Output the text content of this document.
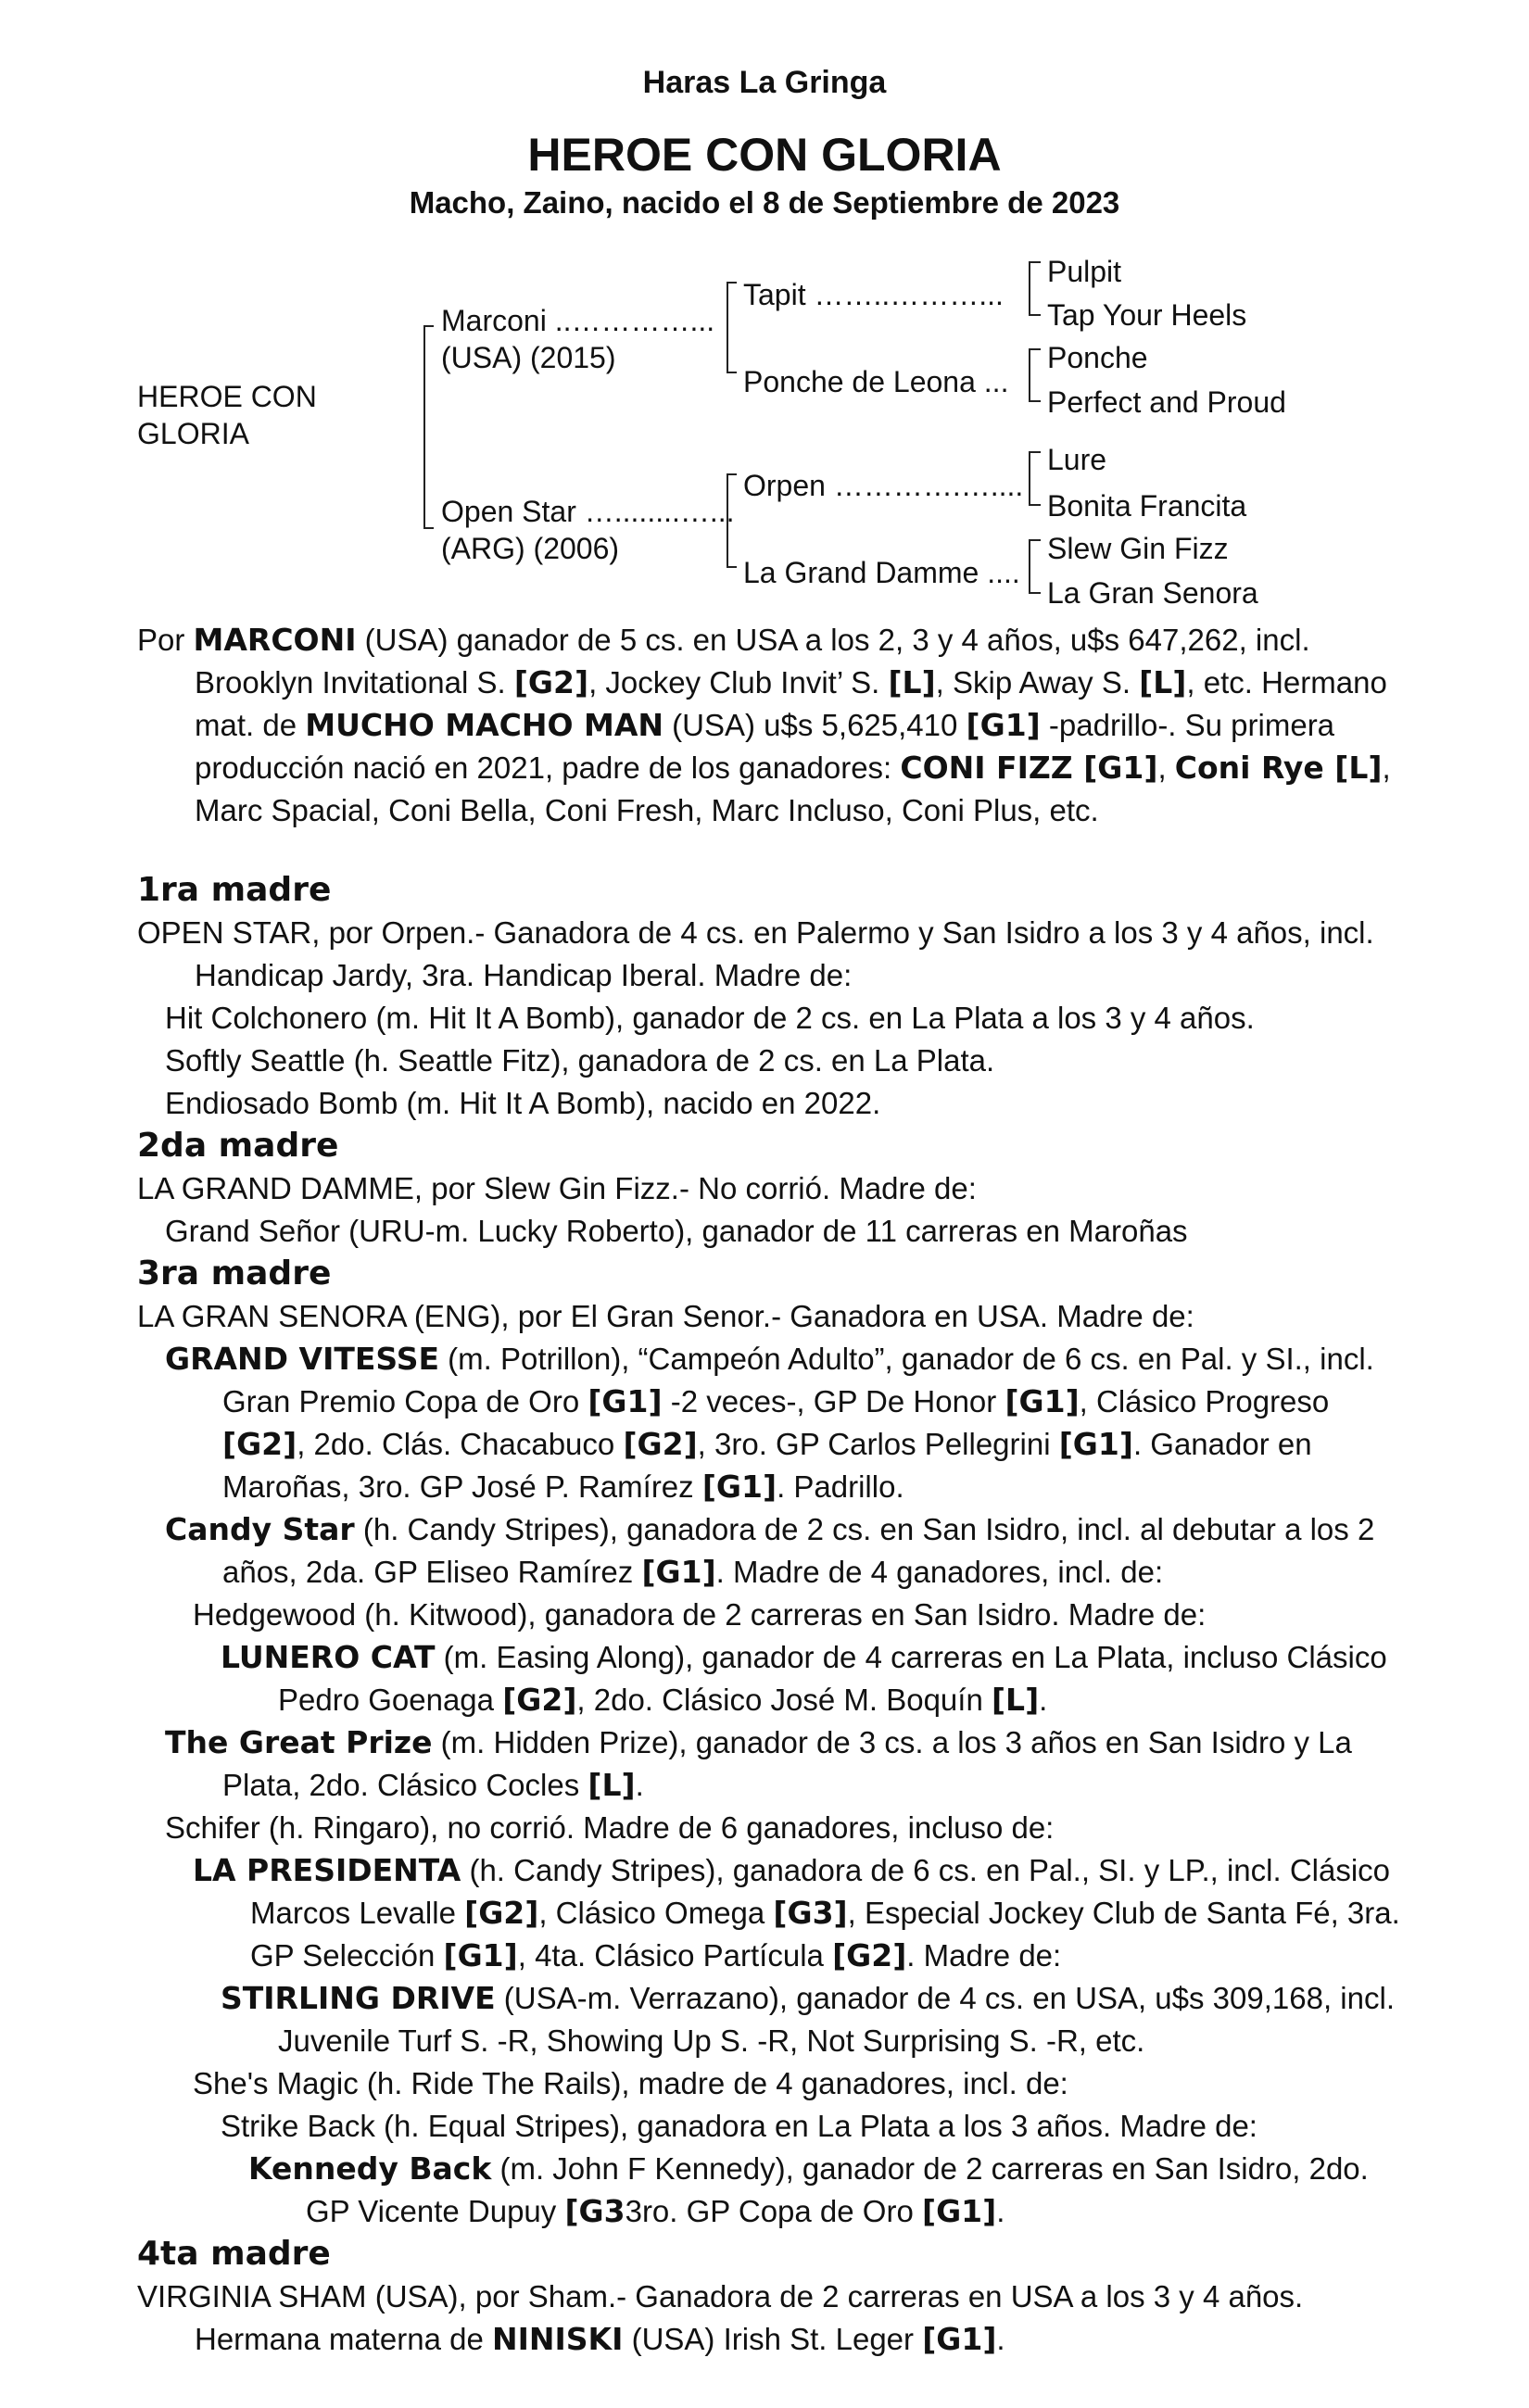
Haras La Gringa
HEROE CON GLORIA
Macho, Zaino, nacido el 8 de Septiembre de 2023
HEROE CON
GLORIA
Marconi ..…………...
(USA) (2015)
Open Star …........…...
(ARG) (2006)
Tapit ……..………...
Ponche de Leona ...
Orpen ………….…....
La Grand Damme ....
Pulpit
Tap Your Heels
Ponche
Perfect and Proud
Lure
Bonita Francita
Slew Gin Fizz
La Gran Senora

Por MARCONI (USA) ganador de 5 cs. en USA a los 2, 3 y 4 años, u$s 647,262, incl. Brooklyn Invitational S. [G2], Jockey Club Invit’ S. [L], Skip Away S. [L], etc. Hermano mat. de MUCHO MACHO MAN (USA) u$s 5,625,410 [G1] -padrillo-. Su primera producción nació en 2021, padre de los ganadores: CONI FIZZ [G1], Coni Rye [L], Marc Spacial, Coni Bella, Coni Fresh, Marc Incluso, Coni Plus, etc.

1ra madre

OPEN STAR, por Orpen.- Ganadora de 4 cs. en Palermo y San Isidro a los 3 y 4 años, incl. Handicap Jardy, 3ra. Handicap Iberal. Madre de:

Hit Colchonero (m. Hit It A Bomb), ganador de 2 cs. en La Plata a los 3 y 4 años.

Softly Seattle (h. Seattle Fitz), ganadora de 2 cs. en La Plata.

Endiosado Bomb (m. Hit It A Bomb), nacido en 2022.

2da madre

LA GRAND DAMME, por Slew Gin Fizz.- No corrió. Madre de:

Grand Señor (URU-m. Lucky Roberto), ganador de 11 carreras en Maroñas

3ra madre

LA GRAN SENORA (ENG), por El Gran Senor.- Ganadora en USA. Madre de:

GRAND VITESSE (m. Potrillon), “Campeón Adulto”, ganador de 6 cs. en Pal. y SI., incl. Gran Premio Copa de Oro [G1] -2 veces-, GP De Honor [G1], Clásico Progreso [G2], 2do. Clás. Chacabuco [G2], 3ro. GP Carlos Pellegrini [G1]. Ganador en Maroñas, 3ro. GP José P. Ramírez [G1]. Padrillo.

Candy Star (h. Candy Stripes), ganadora de 2 cs. en San Isidro, incl. al debutar a los 2 años, 2da. GP Eliseo Ramírez [G1]. Madre de 4 ganadores, incl. de:

Hedgewood (h. Kitwood), ganadora de 2 carreras en San Isidro. Madre de:

LUNERO CAT (m. Easing Along), ganador de 4 carreras en La Plata, incluso Clásico Pedro Goenaga [G2], 2do. Clásico José M. Boquín [L].

The Great Prize (m. Hidden Prize), ganador de 3 cs. a los 3 años en San Isidro y La Plata, 2do. Clásico Cocles [L].

Schifer (h. Ringaro), no corrió. Madre de 6 ganadores, incluso de:

LA PRESIDENTA (h. Candy Stripes), ganadora de 6 cs. en Pal., SI. y LP., incl. Clásico Marcos Levalle [G2], Clásico Omega [G3], Especial Jockey Club de Santa Fé, 3ra. GP Selección [G1], 4ta. Clásico Partícula [G2]. Madre de:

STIRLING DRIVE (USA-m. Verrazano), ganador de 4 cs. en USA, u$s 309,168, incl. Juvenile Turf S. -R, Showing Up S. -R, Not Surprising S. -R, etc.

She's Magic (h. Ride The Rails), madre de 4 ganadores, incl. de:

Strike Back (h. Equal Stripes), ganadora en La Plata a los 3 años. Madre de:

Kennedy Back (m. John F Kennedy), ganador de 2 carreras en San Isidro, 2do. GP Vicente Dupuy [G33ro. GP Copa de Oro [G1].

4ta madre

VIRGINIA SHAM (USA), por Sham.- Ganadora de 2 carreras en USA a los 3 y 4 años. Hermana materna de NINISKI (USA) Irish St. Leger [G1].
